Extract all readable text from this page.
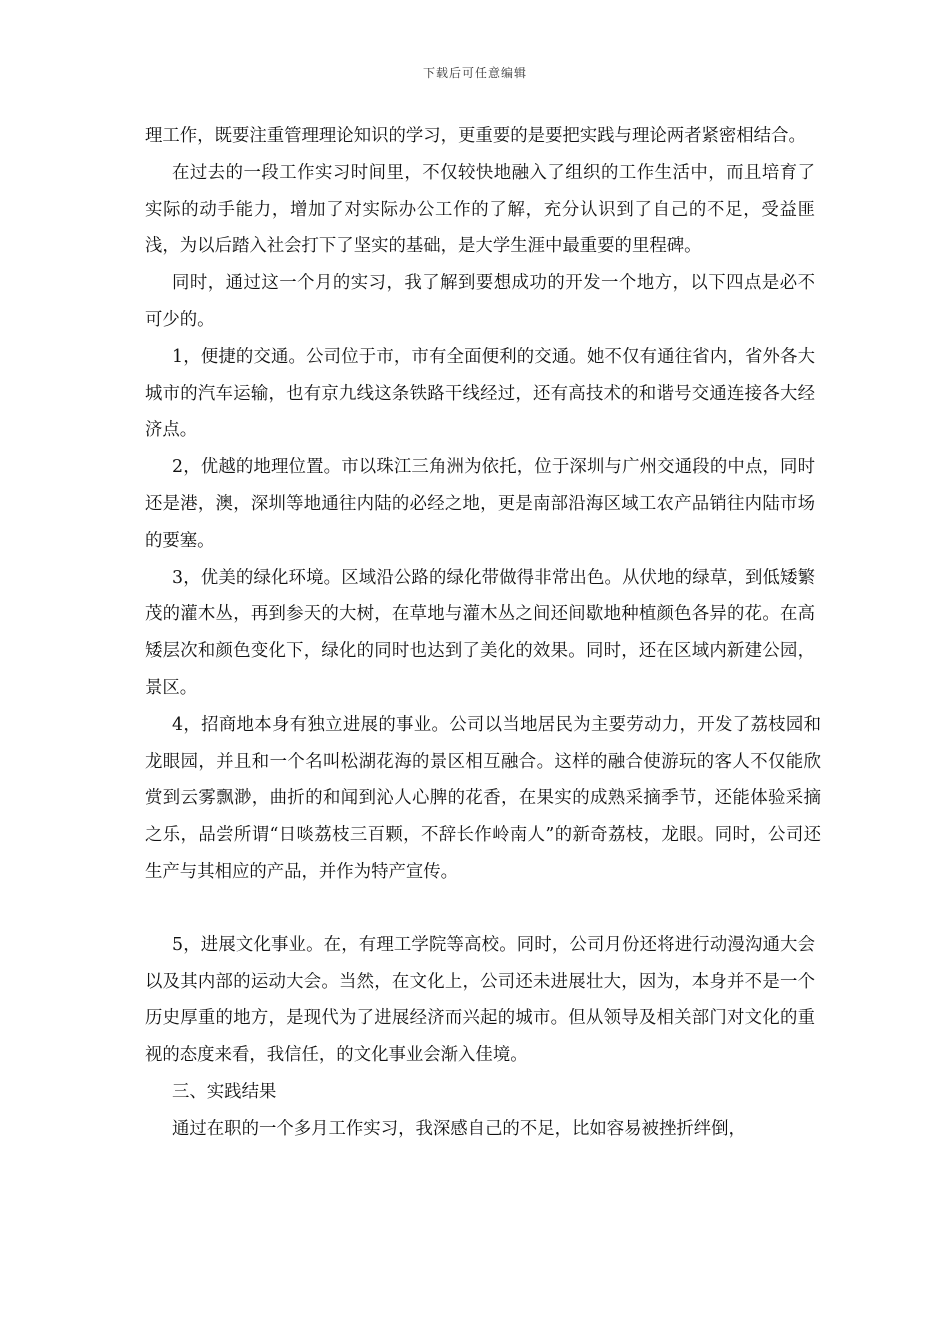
下载后可任意编辑

理工作，既要注重管理理论知识的学习，更重要的是要把实践与理论两者紧密相结合。

在过去的一段工作实习时间里，不仅较快地融入了组织的工作生活中，而且培育了实际的动手能力，增加了对实际办公工作的了解，充分认识到了自己的不足，受益匪浅，为以后踏入社会打下了坚实的基础，是大学生涯中最重要的里程碑。

同时，通过这一个月的实习，我了解到要想成功的开发一个地方，以下四点是必不可少的。

1，便捷的交通。公司位于市，市有全面便利的交通。她不仅有通往省内，省外各大城市的汽车运输，也有京九线这条铁路干线经过，还有高技术的和谐号交通连接各大经济点。

2，优越的地理位置。市以珠江三角洲为依托，位于深圳与广州交通段的中点，同时还是港，澳，深圳等地通往内陆的必经之地，更是南部沿海区域工农产品销往内陆市场的要塞。

3，优美的绿化环境。区域沿公路的绿化带做得非常出色。从伏地的绿草，到低矮繁茂的灌木丛，再到参天的大树，在草地与灌木丛之间还间歇地种植颜色各异的花。在高矮层次和颜色变化下，绿化的同时也达到了美化的效果。同时，还在区域内新建公园，景区。

4，招商地本身有独立进展的事业。公司以当地居民为主要劳动力，开发了荔枝园和龙眼园，并且和一个名叫松湖花海的景区相互融合。这样的融合使游玩的客人不仅能欣赏到云雾飘渺，曲折的和闻到沁人心脾的花香，在果实的成熟采摘季节，还能体验采摘之乐，品尝所谓“日啖荔枝三百颗，不辞长作岭南人”的新奇荔枝，龙眼。同时，公司还生产与其相应的产品，并作为特产宣传。

5，进展文化事业。在，有理工学院等高校。同时，公司月份还将进行动漫沟通大会以及其内部的运动大会。当然，在文化上，公司还未进展壮大，因为，本身并不是一个历史厚重的地方，是现代为了进展经济而兴起的城市。但从领导及相关部门对文化的重视的态度来看，我信任，的文化事业会渐入佳境。

三、实践结果

通过在职的一个多月工作实习，我深感自己的不足，比如容易被挫折绊倒，
